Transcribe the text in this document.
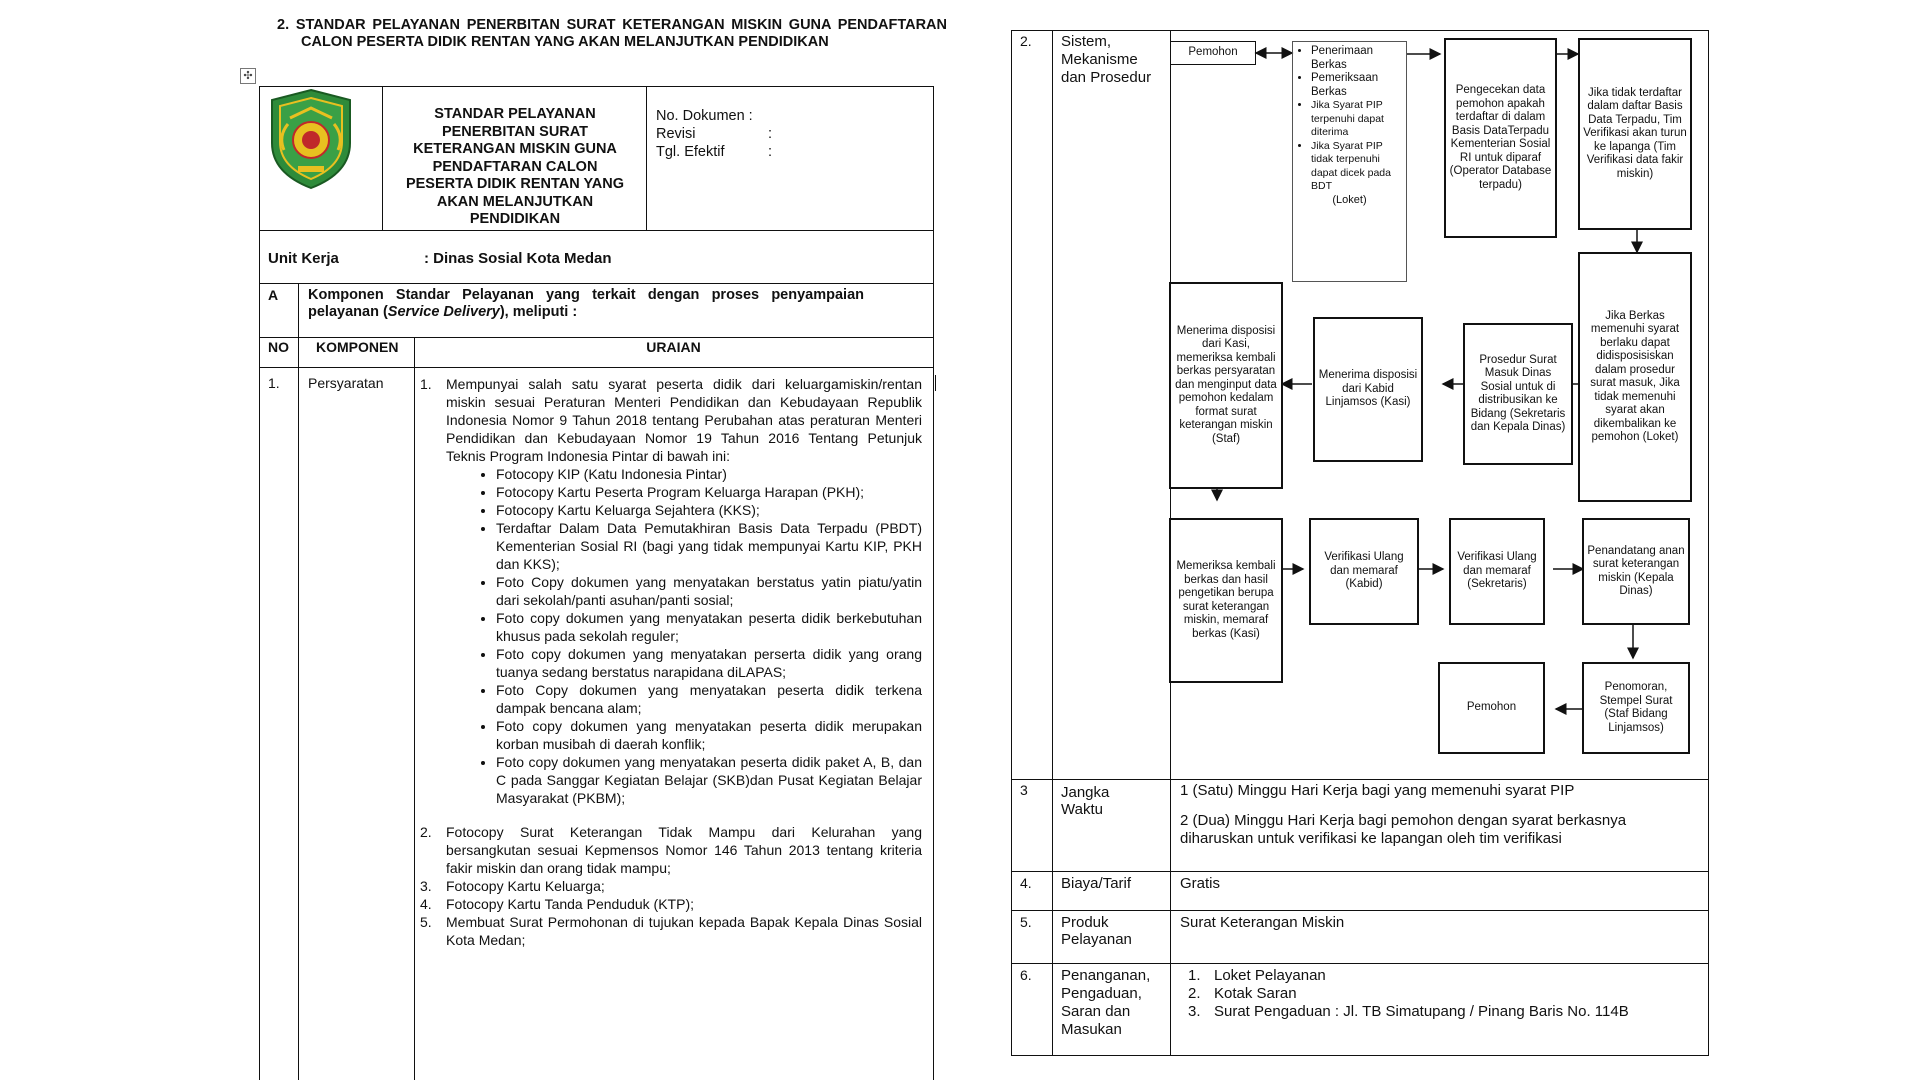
2. STANDAR PELAYANAN PENERBITAN SURAT KETERANGAN MISKIN GUNA PENDAFTARAN CALON PESERTA DIDIK RENTAN YANG AKAN MELANJUTKAN PENDIDIKAN
✣
STANDAR PELAYANAN PENERBITAN SURAT KETERANGAN MISKIN GUNA PENDAFTARAN CALON PESERTA DIDIK RENTAN YANG AKAN MELANJUTKAN PENDIDIKAN
No. Dokumen :
Revisi	:
Tgl. Efektif	:
Unit Kerja	: Dinas Sosial Kota Medan
A Komponen Standar Pelayanan yang terkait dengan proses penyampaian pelayanan (Service Delivery), meliputi :
NO KOMPONEN	URAIAN
1. Persyaratan	1. Mempunyai salah satu syarat peserta didik dari keluargamiskin/rentan miskin sesuai Peraturan Menteri Pendidikan dan Kebudayaan Republik Indonesia Nomor 9 Tahun 2018 tentang Perubahan atas peraturan Menteri Pendidikan dan Kebudayaan Nomor 19 Tahun 2016 Tentang Petunjuk Teknis Program Indonesia Pintar di bawah ini:
• Fotocopy KIP (Katu Indonesia Pintar)
• Fotocopy Kartu Peserta Program Keluarga Harapan (PKH);
• Fotocopy Kartu Keluarga Sejahtera (KKS);
• Terdaftar Dalam Data Pemutakhiran Basis Data Terpadu (PBDT) Kementerian Sosial RI (bagi yang tidak mempunyai Kartu KIP, PKH dan KKS);
• Foto Copy dokumen yang menyatakan berstatus yatin piatu/yatin dari sekolah/panti asuhan/panti sosial;
• Foto copy dokumen yang menyatakan peserta didik berkebutuhan khusus pada sekolah reguler;
• Foto copy dokumen yang menyatakan perserta didik yang orang tuanya sedang berstatus narapidana diLAPAS;
• Foto Copy dokumen yang menyatakan peserta didik terkena dampak bencana alam;
• Foto copy dokumen yang menyatakan peserta didik merupakan korban musibah di daerah konflik;
• Foto copy dokumen yang menyatakan peserta didik paket A, B, dan C pada Sanggar Kegiatan Belajar (SKB)dan Pusat Kegiatan Belajar Masyarakat (PKBM);
2. Fotocopy Surat Keterangan Tidak Mampu dari Kelurahan yang bersangkutan sesuai Kepmensos Nomor 146 Tahun 2013 tentang kriteria fakir miskin dan orang tidak mampu;
3. Fotocopy Kartu Keluarga;
4. Fotocopy Kartu Tanda Penduduk (KTP);
5. Membuat Surat Permohonan di tujukan kepada Bapak Kepala Dinas Sosial Kota Medan;
2. Sistem, Mekanisme dan Prosedur
Pemohon
•	Penerimaan Berkas
• Pemeriksaan Berkas
• Jika Syarat PIP terpenuhi dapat diterima
• Jika Syarat PIP tidak terpenuhi dapat dicek pada BDT
(Loket)
Pengecekan data pemohon apakah terdaftar di dalam Basis DataTerpadu Kementerian Sosial RI untuk diparaf (Operator Database terpadu)
Jika tidak terdaftar dalam daftar Basis Data Terpadu, Tim Verifikasi akan turun ke lapanga (Tim Verifikasi data fakir miskin)
Jika Berkas memenuhi syarat berlaku dapat didisposisiskan dalam prosedur surat masuk, Jika tidak memenuhi syarat akan dikembalikan ke pemohon (Loket)
Prosedur Surat Masuk Dinas Sosial untuk di distribusikan ke Bidang (Sekretaris dan Kepala Dinas)
Menerima disposisi dari Kabid Linjamsos (Kasi)
Menerima disposisi dari Kasi, memeriksa kembali berkas persyaratan dan menginput data pemohon kedalam format surat keterangan miskin (Staf)
Memeriksa kembali berkas dan hasil pengetikan berupa surat keterangan miskin, memaraf berkas (Kasi)
Verifikasi Ulang dan memaraf (Kabid)
Verifikasi Ulang dan memaraf (Sekretaris)
Penandatang anan surat keterangan miskin (Kepala Dinas)
Penomoran, Stempel Surat (Staf Bidang Linjamsos)
Pemohon
3 Jangka Waktu
1 (Satu) Minggu Hari Kerja bagi yang memenuhi syarat PIP
2 (Dua) Minggu Hari Kerja bagi pemohon dengan syarat berkasnya diharuskan untuk verifikasi ke lapangan oleh tim verifikasi
4. Biaya/Tarif	Gratis
5. Produk Pelayanan
Surat Keterangan Miskin
6. Penanganan, Pengaduan, Saran dan Masukan
1. Loket Pelayanan
2. Kotak Saran
3. Surat Pengaduan : Jl. TB Simatupang / Pinang Baris No. 114B
